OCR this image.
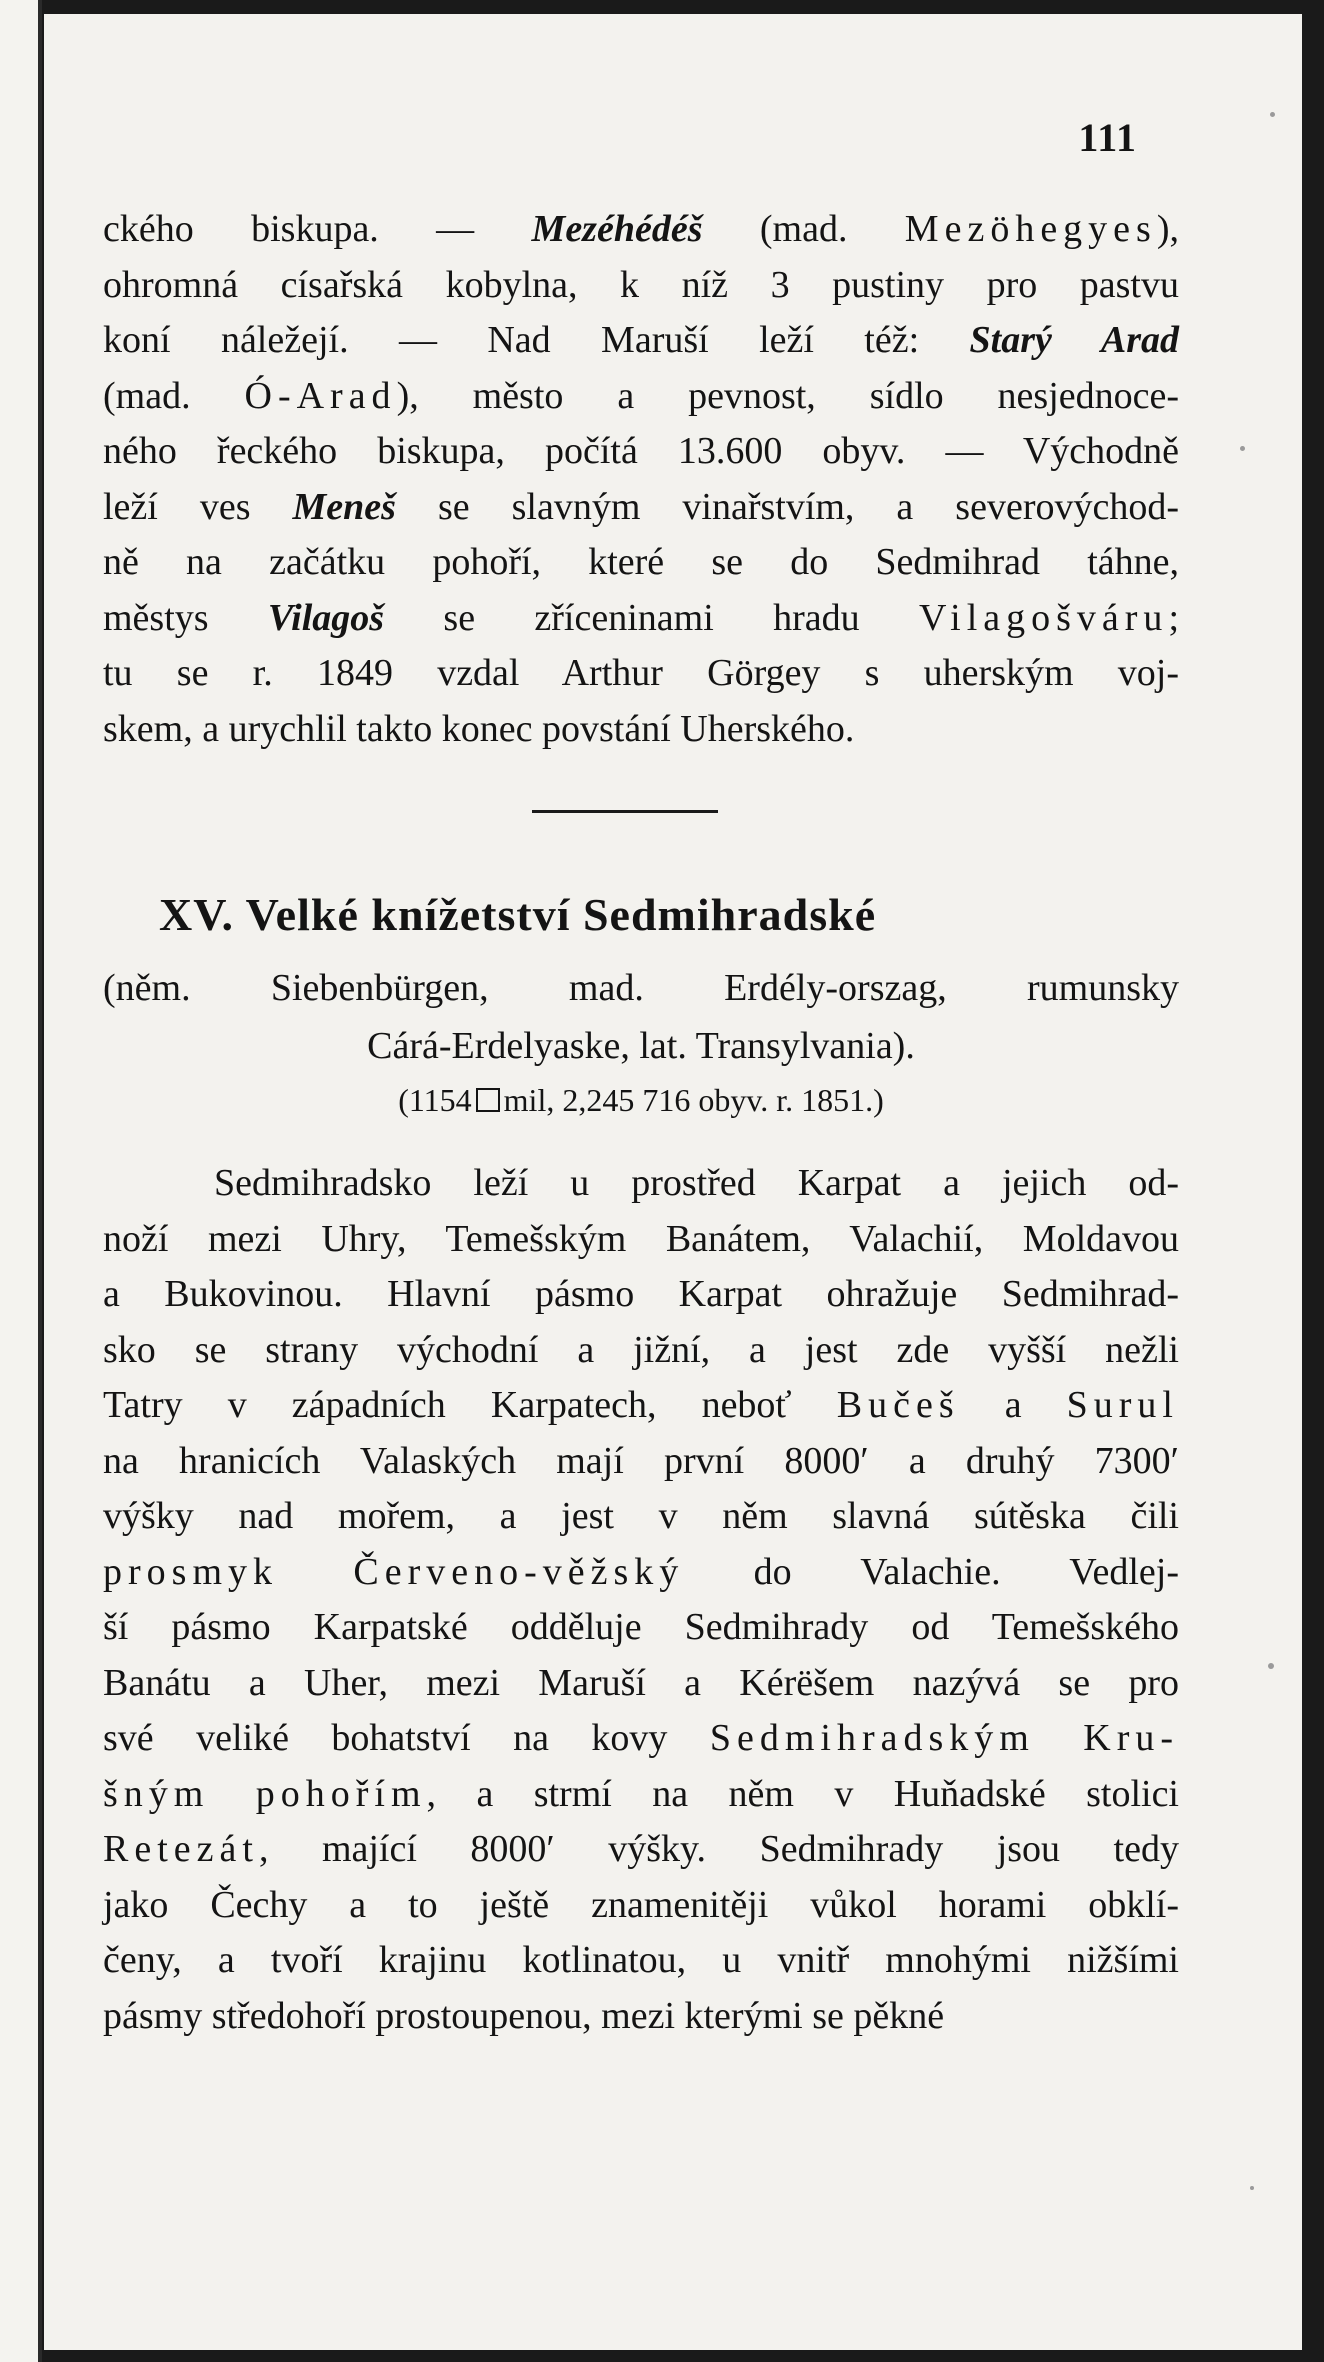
111
ckého biskupa. — Mezéhédéš (mad. Mezöhegyes),
ohromná císařská kobylna, k níž 3 pustiny pro pastvu
koní náležejí. — Nad Maruší leží též: Starý Arad
(mad. Ó-Arad), město a pevnost, sídlo nesjednoce-
ného řeckého biskupa, počítá 13.600 obyv. — Východně
leží ves Meneš se slavným vinařstvím, a severovýchod-
ně na začátku pohoří, které se do Sedmihrad táhne,
městys Vilagoš se zříceninami hradu Vilagošváru;
tu se r. 1849 vzdal Arthur Görgey s uherským voj-
skem, a urychlil takto konec povstání Uherského.
XV. Velké knížetství Sedmihradské
(něm. Siebenbürgen, mad. Erdély-orszag, rumunsky
Cárá-Erdelyaske, lat. Transylvania).
(1154 mil, 2,245 716 obyv. r. 1851.)
Sedmihradsko leží u prostřed Karpat a jejich od-
noží mezi Uhry, Temešským Banátem, Valachií, Moldavou
a Bukovinou. Hlavní pásmo Karpat ohražuje Sedmihrad-
sko se strany východní a jižní, a jest zde vyšší nežli
Tatry v západních Karpatech, neboť Bučeš a Surul
na hranicích Valaských mají první 8000′ a druhý 7300′
výšky nad mořem, a jest v něm slavná sútěska čili
prosmyk Červeno-věžský do Valachie. Vedlej-
ší pásmo Karpatské odděluje Sedmihrady od Temešského
Banátu a Uher, mezi Maruší a Kérëšem nazývá se pro
své veliké bohatství na kovy Sedmihradským Kru-
šným pohořím, a strmí na něm v Huňadské stolici
Retezát, mající 8000′ výšky. Sedmihrady jsou tedy
jako Čechy a to ještě znamenitěji vůkol horami obklí-
čeny, a tvoří krajinu kotlinatou, u vnitř mnohými nižšími
pásmy středohoří prostoupenou, mezi kterými se pěkné
